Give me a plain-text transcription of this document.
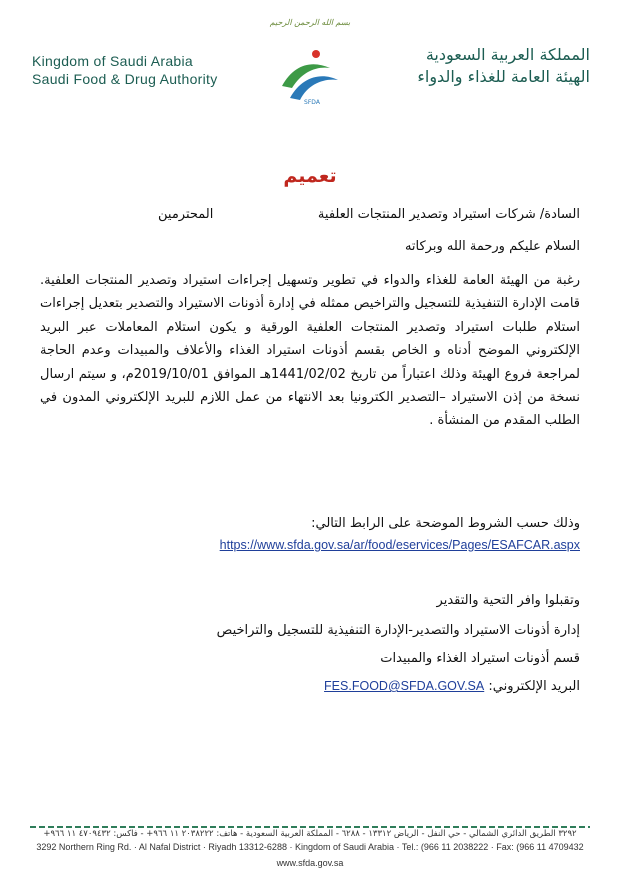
بسم الله الرحمن الرحيم
Kingdom of Saudi Arabia
Saudi Food & Drug Authority
SFDA
المملكة العربية السعودية
الهيئة العامة للغذاء والدواء
تعميم
السادة/ شركات استيراد وتصدير المنتجات العلفية
المحترمين
السلام عليكم ورحمة الله وبركاته
رغبة من الهيئة العامة للغذاء والدواء في تطوير وتسهيل إجراءات استيراد وتصدير المنتجات العلفية. قامت الإدارة التنفيذية للتسجيل والتراخيص ممثله في إدارة أذونات الاستيراد والتصدير بتعديل إجراءات استلام طلبات استيراد وتصدير المنتجات العلفية الورقية و يكون استلام المعاملات عبر البريد الإلكتروني الموضح أدناه و الخاص بقسم أذونات استيراد الغذاء والأعلاف والمبيدات وعدم الحاجة لمراجعة فروع الهيئة وذلك اعتباراً من تاريخ 1441/02/02هـ الموافق 2019/10/01م، و سيتم ارسال نسخة من إذن الاستيراد –التصدير الكترونيا بعد الانتهاء من عمل اللازم للبريد الإلكتروني المدون في الطلب المقدم من المنشأة .
وذلك حسب الشروط الموضحة على الرابط التالي:
https://www.sfda.gov.sa/ar/food/eservices/Pages/ESAFCAR.aspx
وتقبلوا وافر التحية والتقدير
إدارة أذونات الاستيراد والتصدير-الإدارة التنفيذية للتسجيل والتراخيص
قسم أذونات استيراد الغذاء والمبيدات
البريد الإلكتروني: FES.FOOD@SFDA.GOV.SA
٣٢٩٢ الطريق الدائري الشمالي - حي النفل - الرياض ١٣٣١٢ - ٦٢٨٨ - المملكة العربية السعودية - هاتف: ٢٠٣٨٢٢٢ ١١ ٩٦٦+ - فاكس: ٤٧٠٩٤٣٢ ١١ ٩٦٦+
3292 Northern Ring Rd. · Al Nafal District · Riyadh 13312-6288 · Kingdom of Saudi Arabia · Tel.: (966 11 2038222 · Fax: (966 11 4709432
www.sfda.gov.sa
